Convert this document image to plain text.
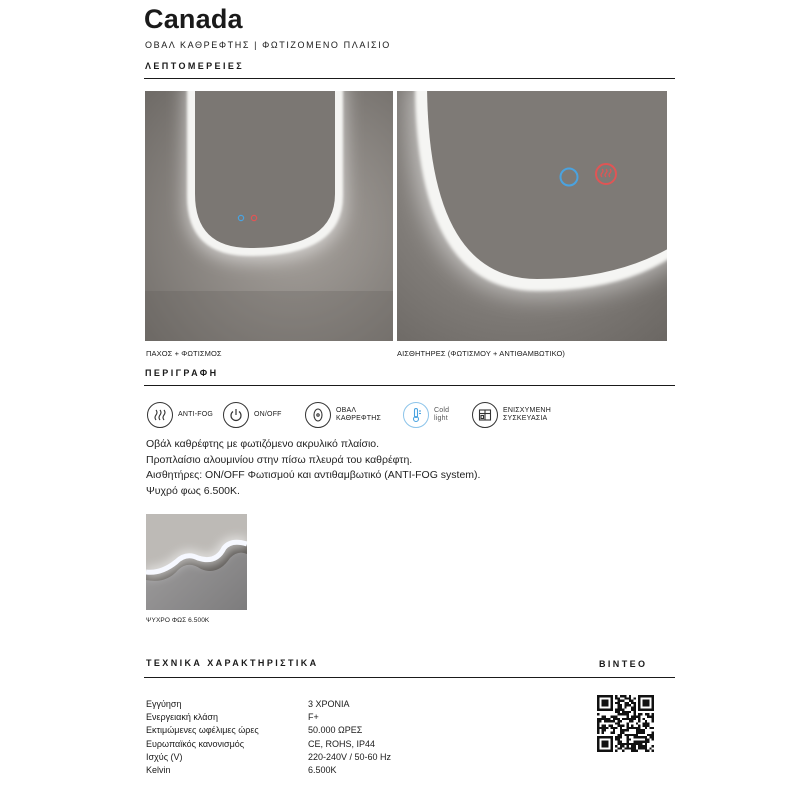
Canada
ΟΒΑΛ ΚΑΘΡΕΦΤΗΣ | ΦΩΤΙΖΟΜΕΝΟ ΠΛΑΙΣΙΟ
ΛΕΠΤΟΜΕΡΕΙΕΣ
ΠΑΧΟΣ + ΦΩΤΙΣΜΟΣ	ΑΙΣΘΗΤΗΡΕΣ (ΦΩΤΙΣΜΟΥ + ΑΝΤΙΘΑΜΒΩΤΙΚΟ)
ΠΕΡΙΓΡΑΦΗ
ANTI-FOG	ON/OFF
ΟΒΑΛ
ΚΑΘΡΕΦΤΗΣ
Cold
light
ΕΝΙΣΧΥΜΕΝΗ
ΣΥΣΚΕΥΑΣΙΑ
Οβάλ καθρέφτης με φωτιζόμενο ακρυλικό πλαίσιο.
Προπλαίσιο αλουμινίου στην πίσω πλευρά του καθρέφτη.
Αισθητήρες: ON/OFF Φωτισμού και αντιθαμβωτικό (ANTI-FOG system).
Ψυχρό φως 6.500K.
ΨΥΧΡΟ ΦΩΣ 6.500K
ΤΕΧΝΙΚΑ ΧΑΡΑΚΤΗΡΙΣΤΙΚΑ	ΒΙΝΤΕΟ
Εγγύηση	3 ΧΡΟΝΙΑ
Ενεργειακή κλάση	F+
Εκτιμώμενες ωφέλιμες ώρες	50.000 ΩΡΕΣ
Ευρωπαϊκός κανονισμός	CE, ROHS, IP44
Ισχύς (V)	220-240V / 50-60 Hz
Kelvin	6.500K
